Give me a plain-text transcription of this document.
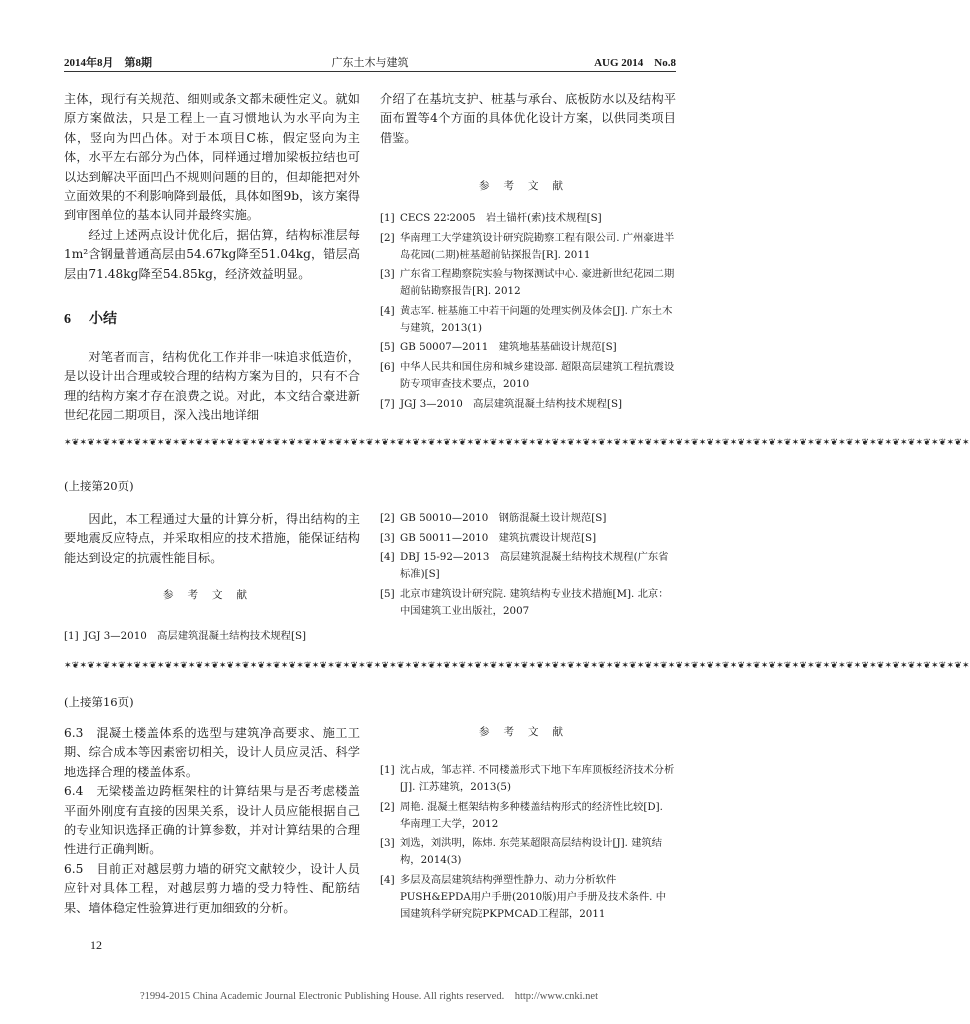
2014年8月　第8期	广东土木与建筑	AUG 2014　No.8

主体，现行有关规范、细则或条文都未硬性定义。就如原方案做法，只是工程上一直习惯地认为水平向为主体，竖向为凹凸体。对于本项目C栋，假定竖向为主体，水平左右部分为凸体，同样通过增加梁板拉结也可以达到解决平面凹凸不规则问题的目的，但却能把对外立面效果的不利影响降到最低，具体如图9b，该方案得到审图单位的基本认同并最终实施。

经过上述两点设计优化后，据估算，结构标准层每1m²含钢量普通高层由54.67kg降至51.04kg，错层高层由71.48kg降至54.85kg，经济效益明显。

6 小结

对笔者而言，结构优化工作并非一味追求低造价，是以设计出合理或较合理的结构方案为目的，只有不合理的结构方案才存在浪费之说。对此，本文结合豪进新世纪花园二期项目，深入浅出地详细

介绍了在基坑支护、桩基与承台、底板防水以及结构平面布置等4个方面的具体优化设计方案，以供同类项目借鉴。

参考文献
[1] CECS 22∶2005　岩土锚杆(索)技术规程[S]
[2] 华南理工大学建筑设计研究院勘察工程有限公司. 广州豪进半岛花园(二期)桩基超前钻探报告[R]. 2011
[3] 广东省工程勘察院实验与物探测试中心. 豪进新世纪花园二期超前钻勘察报告[R]. 2012
[4] 黄志军. 桩基施工中若干问题的处理实例及体会[J]. 广东土木与建筑，2013(1)
[5] GB 50007—2011　建筑地基基础设计规范[S]
[6] 中华人民共和国住房和城乡建设部. 超限高层建筑工程抗震设防专项审查技术要点，2010
[7] JGJ 3—2010　高层建筑混凝土结构技术规程[S]
✶❦✶❦✶❦✶❦✶❦✶❦✶❦✶❦✶❦✶❦✶❦✶❦✶❦✶❦✶❦✶❦✶❦✶❦✶❦✶❦✶❦✶❦✶❦✶❦✶❦✶❦✶❦✶❦✶❦✶❦✶❦✶❦✶❦✶❦✶❦✶❦✶❦✶❦✶❦✶❦✶❦✶❦✶❦✶❦✶❦✶❦✶❦✶❦✶❦✶❦✶❦✶❦✶❦✶❦✶❦✶❦✶❦✶❦✶
(上接第20页)

因此，本工程通过大量的计算分析，得出结构的主要地震反应特点，并采取相应的技术措施，能保证结构能达到设定的抗震性能目标。

参考文献
[1] JGJ 3—2010　高层建筑混凝土结构技术规程[S]
[2] GB 50010—2010　钢筋混凝土设计规范[S]
[3] GB 50011—2010　建筑抗震设计规范[S]
[4] DBJ 15-92—2013　高层建筑混凝土结构技术规程(广东省标准)[S]
[5] 北京市建筑设计研究院. 建筑结构专业技术措施[M]. 北京：中国建筑工业出版社，2007
✶❦✶❦✶❦✶❦✶❦✶❦✶❦✶❦✶❦✶❦✶❦✶❦✶❦✶❦✶❦✶❦✶❦✶❦✶❦✶❦✶❦✶❦✶❦✶❦✶❦✶❦✶❦✶❦✶❦✶❦✶❦✶❦✶❦✶❦✶❦✶❦✶❦✶❦✶❦✶❦✶❦✶❦✶❦✶❦✶❦✶❦✶❦✶❦✶❦✶❦✶❦✶❦✶❦✶❦✶❦✶❦✶❦✶❦✶
(上接第16页)

6.3　混凝土楼盖体系的选型与建筑净高要求、施工工期、综合成本等因素密切相关，设计人员应灵活、科学地选择合理的楼盖体系。

6.4　无梁楼盖边跨框架柱的计算结果与是否考虑楼盖平面外刚度有直接的因果关系，设计人员应能根据自己的专业知识选择正确的计算参数，并对计算结果的合理性进行正确判断。

6.5　目前正对越层剪力墙的研究文献较少，设计人员应针对具体工程，对越层剪力墙的受力特性、配筋结果、墙体稳定性验算进行更加细致的分析。

参考文献
[1] 沈占成，邹志祥. 不同楼盖形式下地下车库顶板经济技术分析[J]. 江苏建筑，2013(5)
[2] 周艳. 混凝土框架结构多种楼盖结构形式的经济性比较[D]. 华南理工大学，2012
[3] 刘选，刘洪明，陈炜. 东莞某超限高层结构设计[J]. 建筑结构，2014(3)
[4] 多层及高层建筑结构弹塑性静力、动力分析软件PUSH&EPDA用户手册(2010版)用户手册及技术条件. 中国建筑科学研究院PKPMCAD工程部，2011
12
?1994-2015 China Academic Journal Electronic Publishing House. All rights reserved.　http://www.cnki.net
